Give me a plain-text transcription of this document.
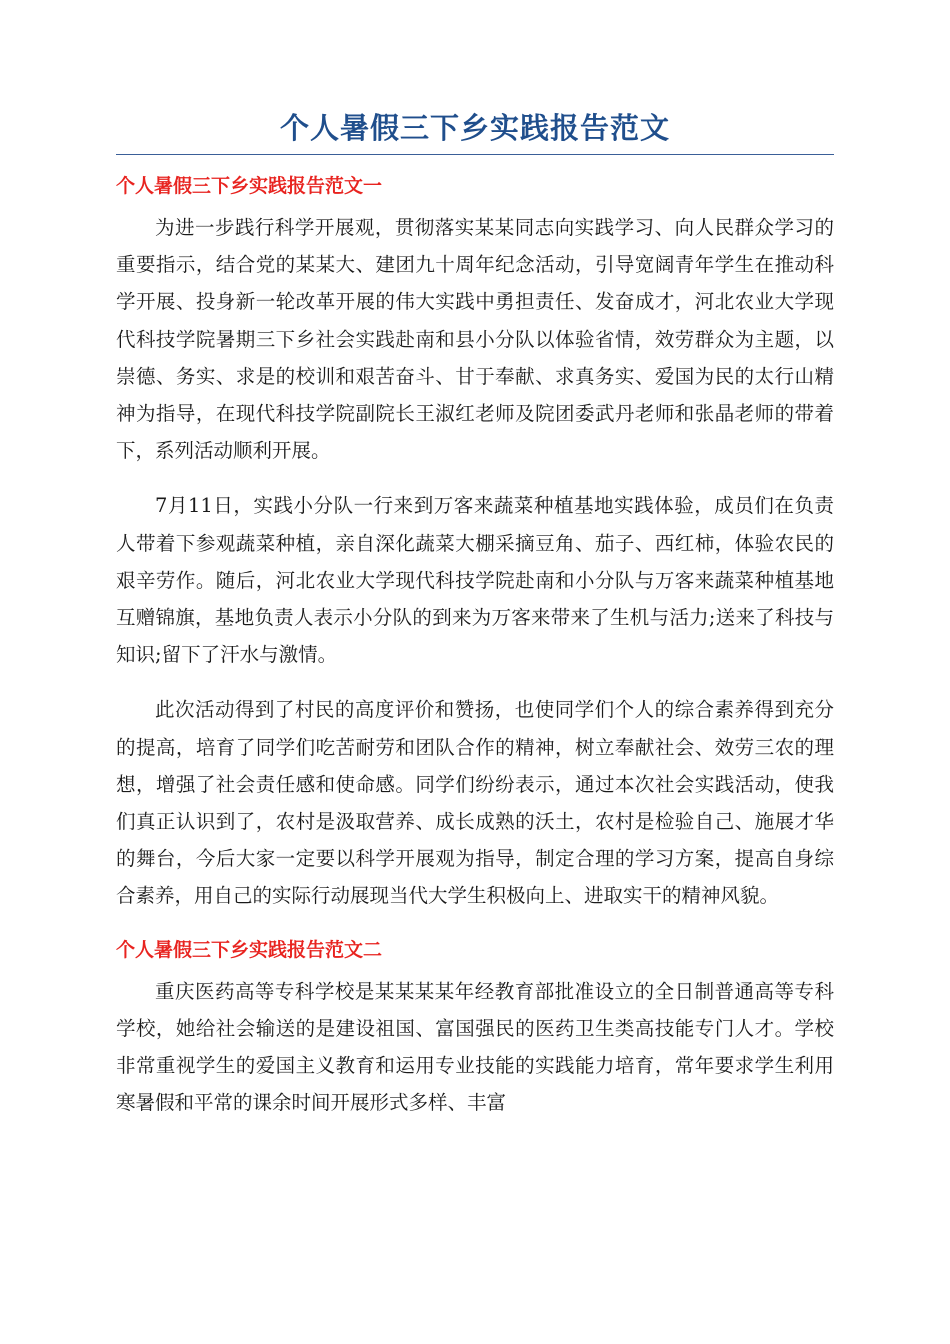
个人暑假三下乡实践报告范文
个人暑假三下乡实践报告范文一

为进一步践行科学开展观，贯彻落实某某同志向实践学习、向人民群众学习的重要指示，结合党的某某大、建团九十周年纪念活动，引导宽阔青年学生在推动科学开展、投身新一轮改革开展的伟大实践中勇担责任、发奋成才，河北农业大学现代科技学院暑期三下乡社会实践赴南和县小分队以体验省情，效劳群众为主题，以崇德、务实、求是的校训和艰苦奋斗、甘于奉献、求真务实、爱国为民的太行山精神为指导，在现代科技学院副院长王淑红老师及院团委武丹老师和张晶老师的带着下，系列活动顺利开展。

7月11日，实践小分队一行来到万客来蔬菜种植基地实践体验，成员们在负责人带着下参观蔬菜种植，亲自深化蔬菜大棚采摘豆角、茄子、西红柿，体验农民的艰辛劳作。随后，河北农业大学现代科技学院赴南和小分队与万客来蔬菜种植基地互赠锦旗，基地负责人表示小分队的到来为万客来带来了生机与活力;送来了科技与知识;留下了汗水与激情。

此次活动得到了村民的高度评价和赞扬，也使同学们个人的综合素养得到充分的提高，培育了同学们吃苦耐劳和团队合作的精神，树立奉献社会、效劳三农的理想，增强了社会责任感和使命感。同学们纷纷表示，通过本次社会实践活动，使我们真正认识到了，农村是汲取营养、成长成熟的沃土，农村是检验自己、施展才华的舞台，今后大家一定要以科学开展观为指导，制定合理的学习方案，提高自身综合素养，用自己的实际行动展现当代大学生积极向上、进取实干的精神风貌。

个人暑假三下乡实践报告范文二

重庆医药高等专科学校是某某某某年经教育部批准设立的全日制普通高等专科学校，她给社会输送的是建设祖国、富国强民的医药卫生类高技能专门人才。学校非常重视学生的爱国主义教育和运用专业技能的实践能力培育，常年要求学生利用寒暑假和平常的课余时间开展形式多样、丰富
